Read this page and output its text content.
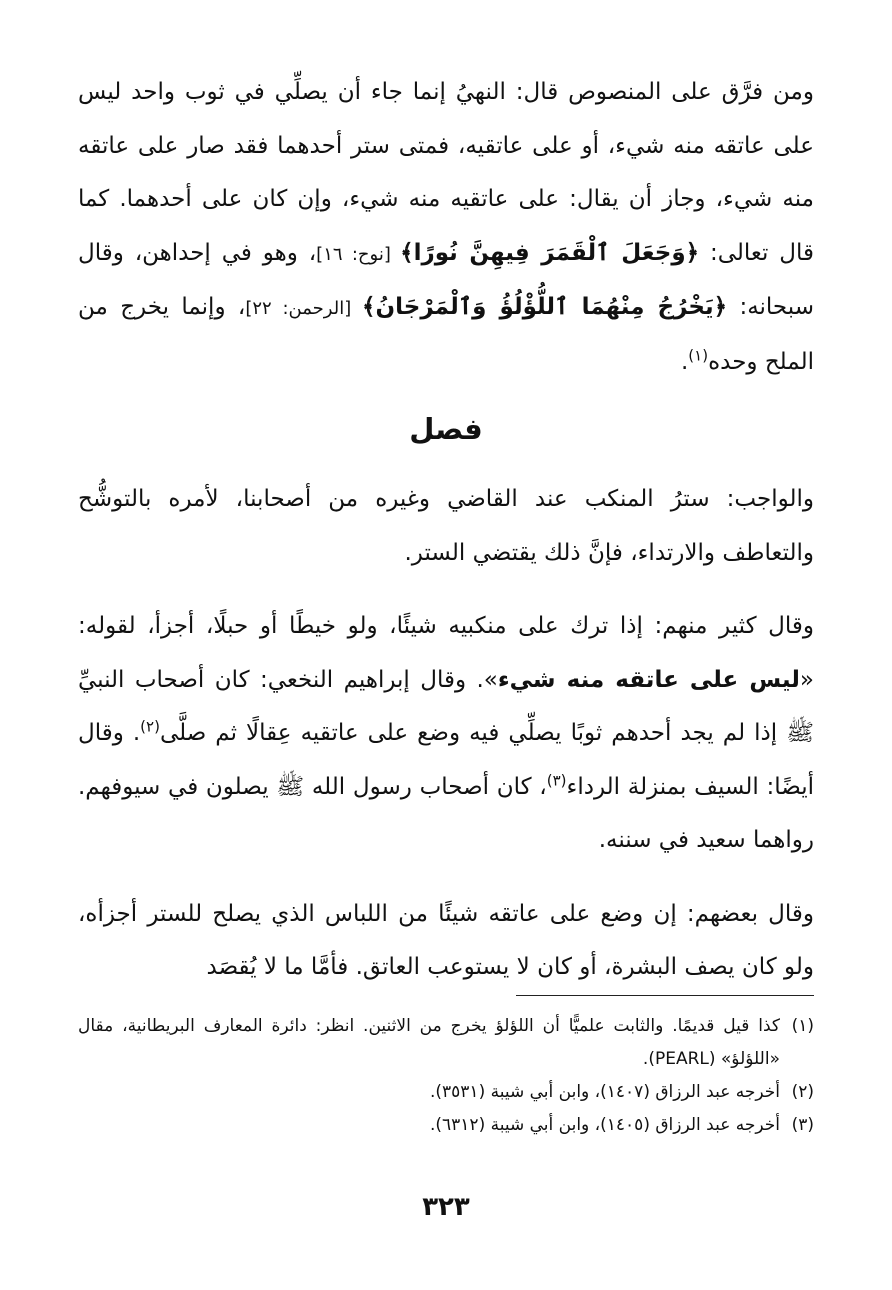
ومن فرَّق على المنصوص قال: النهيُ إنما جاء أن يصلِّي في ثوب واحد ليس على عاتقه منه شيء، أو على عاتقيه، فمتى ستر أحدهما فقد صار على عاتقه منه شيء، وجاز أن يقال: على عاتقيه منه شيء، وإن كان على أحدهما. كما قال تعالى: ﴿وَجَعَلَ ٱلْقَمَرَ فِيهِنَّ نُورًا﴾ [نوح: ١٦]، وهو في إحداهن، وقال سبحانه: ﴿يَخْرُجُ مِنْهُمَا ٱللُّؤْلُؤُ وَٱلْمَرْجَانُ﴾ [الرحمن: ٢٢]، وإنما يخرج من الملح وحده$^{(١)}$.

فصل

والواجب: سترُ المنكب عند القاضي وغيره من أصحابنا، لأمره بالتوشُّح والتعاطف والارتداء، فإنَّ ذلك يقتضي الستر.

وقال كثير منهم: إذا ترك على منكبيه شيئًا، ولو خيطًا أو حبلًا، أجزأ، لقوله: «ليس على عاتقه منه شيء». وقال إبراهيم النخعي: كان أصحاب النبيِّ ﷺ إذا لم يجد أحدهم ثوبًا يصلِّي فيه وضع على عاتقيه عِقالًا ثم صلَّى$^{(٢)}$. وقال أيضًا: السيف بمنزلة الرداء$^{(٣)}$، كان أصحاب رسول الله ﷺ يصلون في سيوفهم. رواهما سعيد في سننه.

وقال بعضهم: إن وضع على عاتقه شيئًا من اللباس الذي يصلح للستر أجزأه، ولو كان يصف البشرة، أو كان لا يستوعب العاتق. فأمَّا ما لا يُقصَد

(١)
كذا قيل قديمًا. والثابت علميًّا أن اللؤلؤ يخرج من الاثنين. انظر: دائرة المعارف البريطانية، مقال «اللؤلؤ» (PEARL).

(٢)
أخرجه عبد الرزاق (١٤٠٧)، وابن أبي شيبة (٣٥٣١).

(٣)
أخرجه عبد الرزاق (١٤٠٥)، وابن أبي شيبة (٦٣١٢).

٣٢٣
